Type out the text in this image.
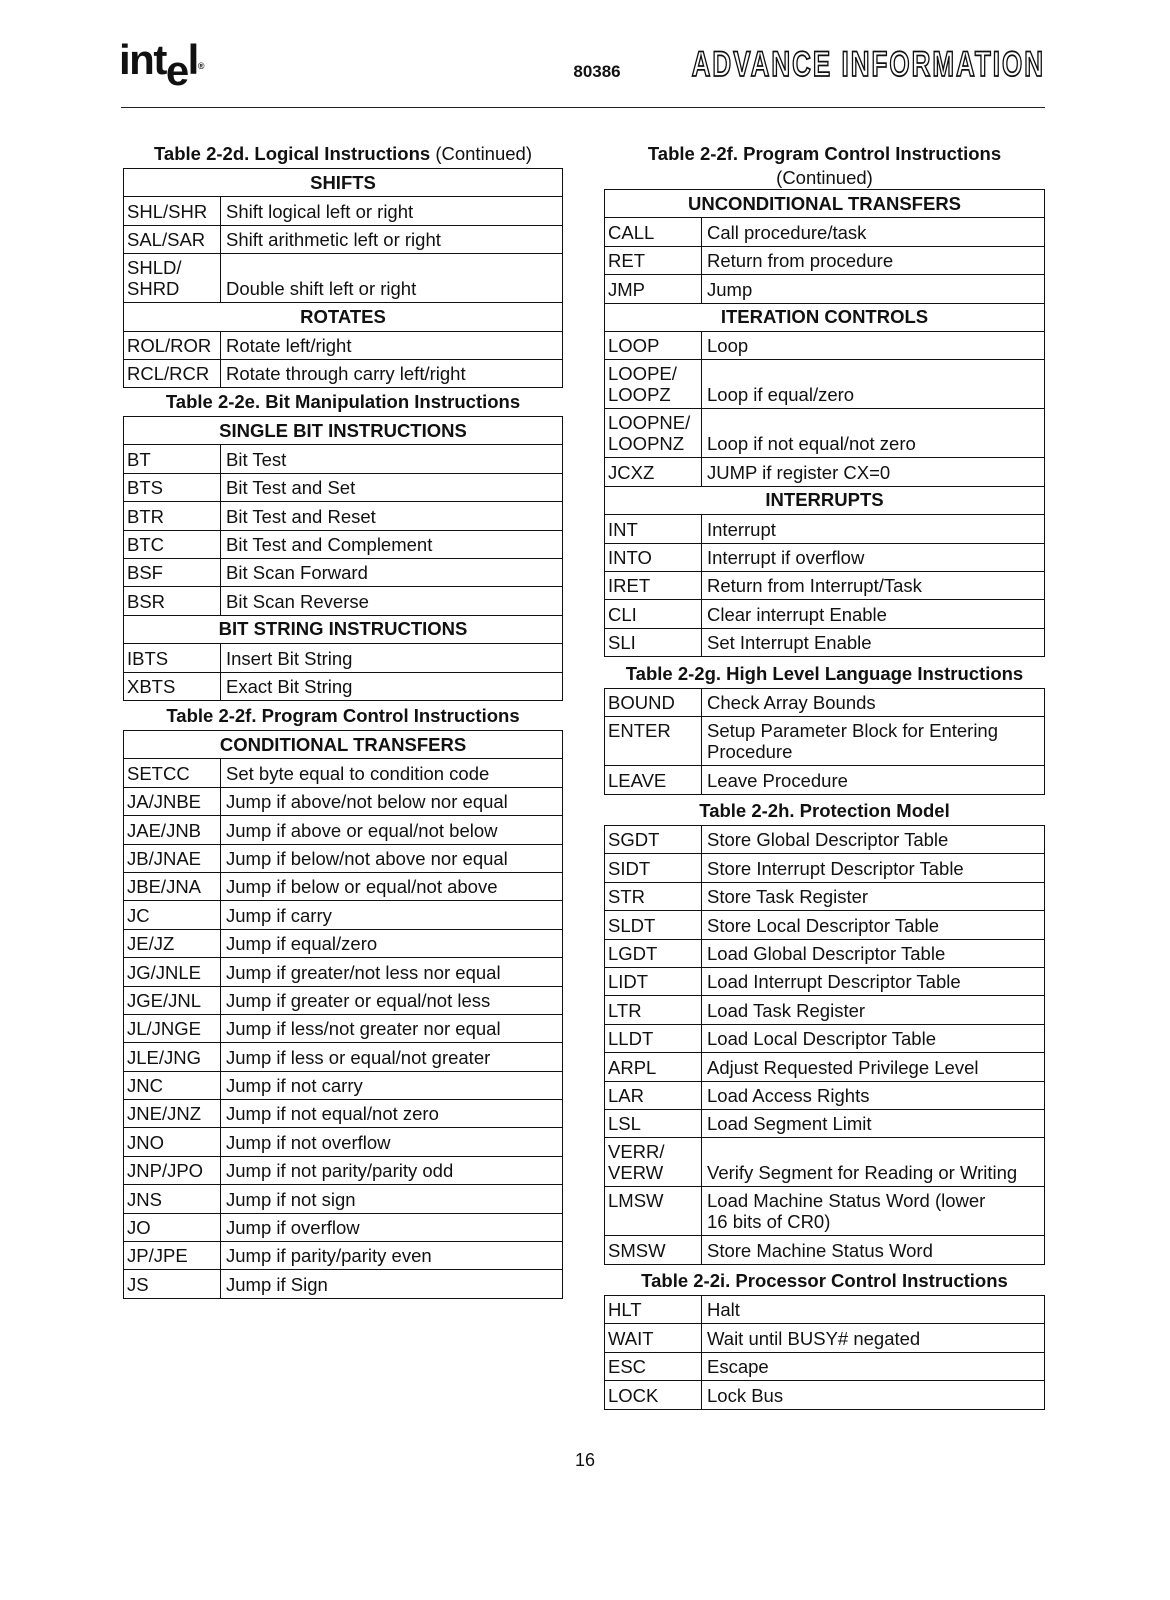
intel®	80386	ADVANCE INFORMATION
Table 2-2d. Logical Instructions (Continued)
SHIFTS
SHL/SHR	Shift logical left or right
SAL/SAR	Shift arithmetic left or right
SHLD/
SHRD	Double shift left or right
ROTATES
ROL/ROR Rotate left/right
RCL/RCR Rotate through carry left/right
Table 2-2e. Bit Manipulation Instructions
SINGLE BIT INSTRUCTIONS
BT	Bit Test
BTS	Bit Test and Set
BTR	Bit Test and Reset
BTC	Bit Test and Complement
BSF	Bit Scan Forward
BSR	Bit Scan Reverse
BIT STRING INSTRUCTIONS
IBTS	Insert Bit String
XBTS	Exact Bit String
Table 2-2f. Program Control Instructions
CONDITIONAL TRANSFERS
SETCC	Set byte equal to condition code
JA/JNBE	Jump if above/not below nor equal
JAE/JNB	Jump if above or equal/not below
JB/JNAE	Jump if below/not above nor equal
JBE/JNA	Jump if below or equal/not above
JC	Jump if carry
JE/JZ	Jump if equal/zero
JG/JNLE	Jump if greater/not less nor equal
JGE/JNL	Jump if greater or equal/not less
JL/JNGE	Jump if less/not greater nor equal
JLE/JNG	Jump if less or equal/not greater
JNC	Jump if not carry
JNE/JNZ	Jump if not equal/not zero
JNO	Jump if not overflow
JNP/JPO	Jump if not parity/parity odd
JNS	Jump if not sign
JO	Jump if overflow
JP/JPE	Jump if parity/parity even
JS	Jump if Sign
Table 2-2f. Program Control Instructions
(Continued)
UNCONDITIONAL TRANSFERS
CALL	Call procedure/task
RET	Return from procedure
JMP	Jump
ITERATION CONTROLS
LOOP	Loop
LOOPE/
LOOPZ	Loop if equal/zero
LOOPNE/
LOOPNZ	Loop if not equal/not zero
JCXZ	JUMP if register CX=0
INTERRUPTS
INT	Interrupt
INTO	Interrupt if overflow
IRET	Return from Interrupt/Task
CLI	Clear interrupt Enable
SLI	Set Interrupt Enable
Table 2-2g. High Level Language Instructions
BOUND	Check Array Bounds
ENTER	Setup Parameter Block for Entering
Procedure
LEAVE	Leave Procedure
Table 2-2h. Protection Model
SGDT	Store Global Descriptor Table
SIDT	Store Interrupt Descriptor Table
STR	Store Task Register
SLDT	Store Local Descriptor Table
LGDT	Load Global Descriptor Table
LIDT	Load Interrupt Descriptor Table
LTR	Load Task Register
LLDT	Load Local Descriptor Table
ARPL	Adjust Requested Privilege Level
LAR	Load Access Rights
LSL	Load Segment Limit
VERR/
VERW	Verify Segment for Reading or Writing
LMSW	Load Machine Status Word (lower
16 bits of CR0)
SMSW	Store Machine Status Word
Table 2-2i. Processor Control Instructions
HLT	Halt
WAIT	Wait until BUSY# negated
ESC	Escape
LOCK	Lock Bus
16
